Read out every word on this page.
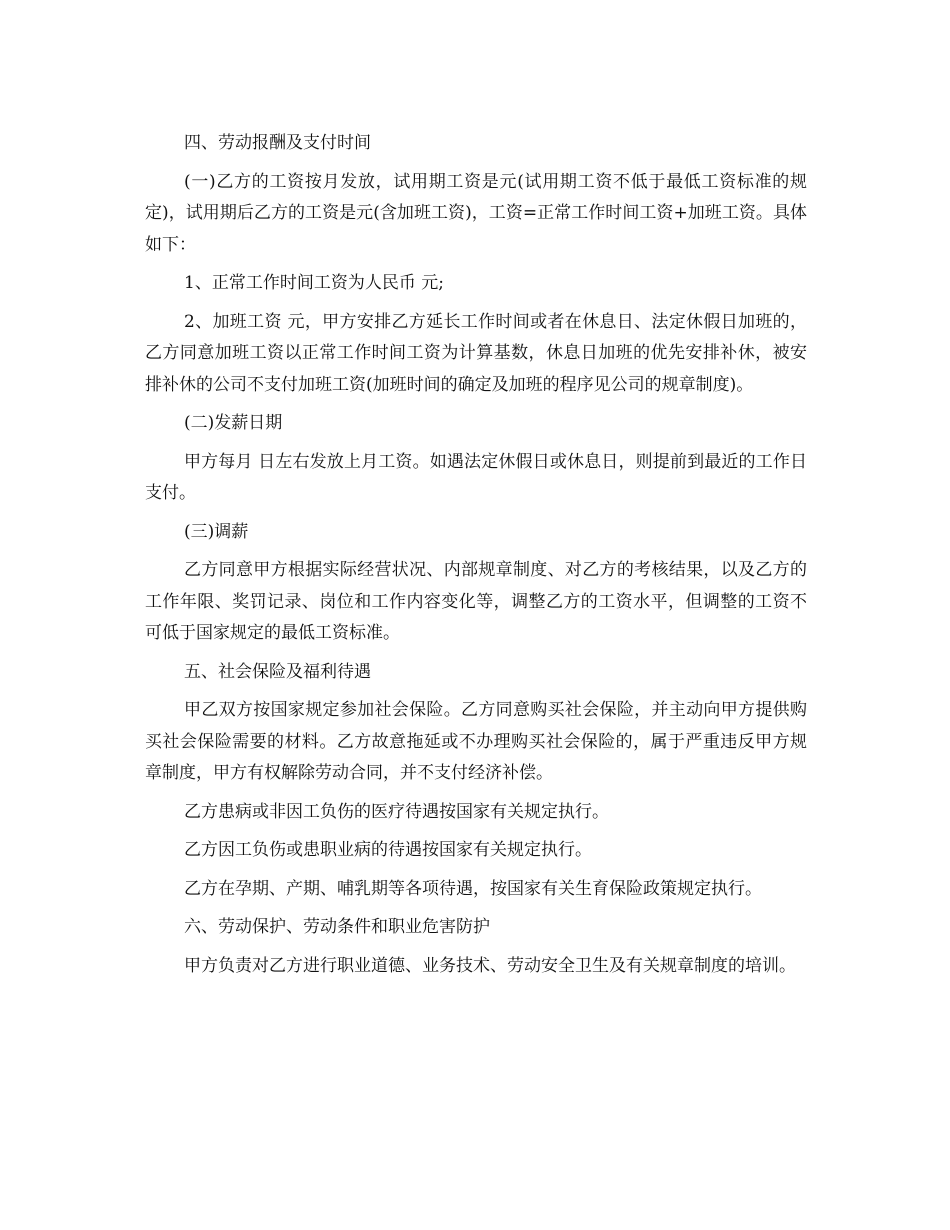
四、劳动报酬及支付时间

(一)乙方的工资按月发放，试用期工资是元(试用期工资不低于最低工资标准的规定)，试用期后乙方的工资是元(含加班工资)，工资=正常工作时间工资+加班工资。具体如下：

1、正常工作时间工资为人民币 元;

2、加班工资 元，甲方安排乙方延长工作时间或者在休息日、法定休假日加班的，乙方同意加班工资以正常工作时间工资为计算基数，休息日加班的优先安排补休，被安排补休的公司不支付加班工资(加班时间的确定及加班的程序见公司的规章制度)。

(二)发薪日期

甲方每月 日左右发放上月工资。如遇法定休假日或休息日，则提前到最近的工作日支付。

(三)调薪

乙方同意甲方根据实际经营状况、内部规章制度、对乙方的考核结果，以及乙方的工作年限、奖罚记录、岗位和工作内容变化等，调整乙方的工资水平，但调整的工资不可低于国家规定的最低工资标准。

五、社会保险及福利待遇

甲乙双方按国家规定参加社会保险。乙方同意购买社会保险，并主动向甲方提供购买社会保险需要的材料。乙方故意拖延或不办理购买社会保险的，属于严重违反甲方规章制度，甲方有权解除劳动合同，并不支付经济补偿。

乙方患病或非因工负伤的医疗待遇按国家有关规定执行。

乙方因工负伤或患职业病的待遇按国家有关规定执行。

乙方在孕期、产期、哺乳期等各项待遇，按国家有关生育保险政策规定执行。

六、劳动保护、劳动条件和职业危害防护

甲方负责对乙方进行职业道德、业务技术、劳动安全卫生及有关规章制度的培训。
